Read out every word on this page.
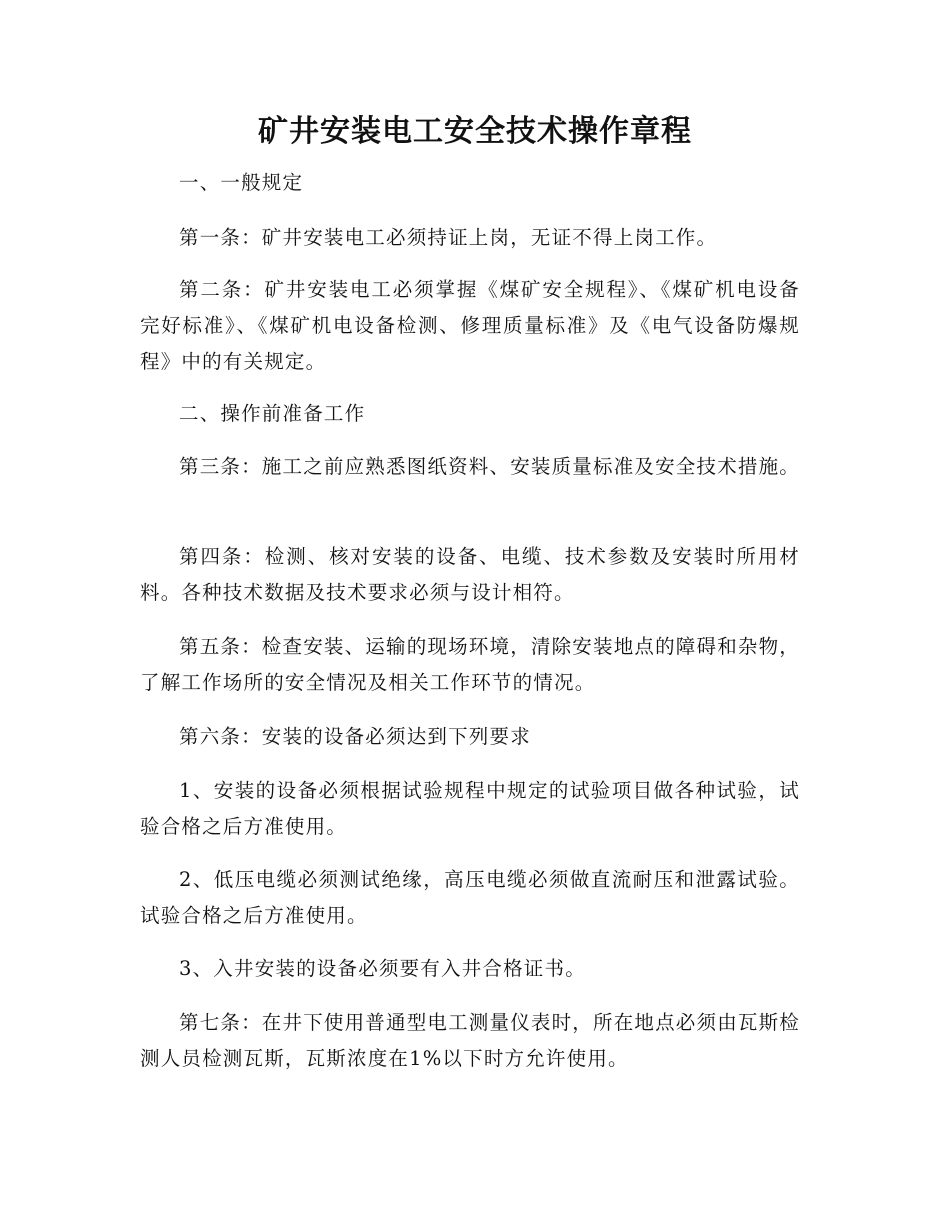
矿井安装电工安全技术操作章程

一、一般规定

第一条：矿井安装电工必须持证上岗，无证不得上岗工作。

第二条：矿井安装电工必须掌握《煤矿安全规程》、《煤矿机电设备完好标准》、《煤矿机电设备检测、修理质量标准》及《电气设备防爆规程》中的有关规定。

二、操作前准备工作

第三条：施工之前应熟悉图纸资料、安装质量标准及安全技术措施。

第四条：检测、核对安装的设备、电缆、技术参数及安装时所用材料。各种技术数据及技术要求必须与设计相符。

第五条：检查安装、运输的现场环境，清除安装地点的障碍和杂物，了解工作场所的安全情况及相关工作环节的情况。

第六条：安装的设备必须达到下列要求

1、安装的设备必须根据试验规程中规定的试验项目做各种试验，试验合格之后方准使用。

2、低压电缆必须测试绝缘，高压电缆必须做直流耐压和泄露试验。试验合格之后方准使用。

3、入井安装的设备必须要有入井合格证书。

第七条：在井下使用普通型电工测量仪表时，所在地点必须由瓦斯检测人员检测瓦斯，瓦斯浓度在1%以下时方允许使用。
